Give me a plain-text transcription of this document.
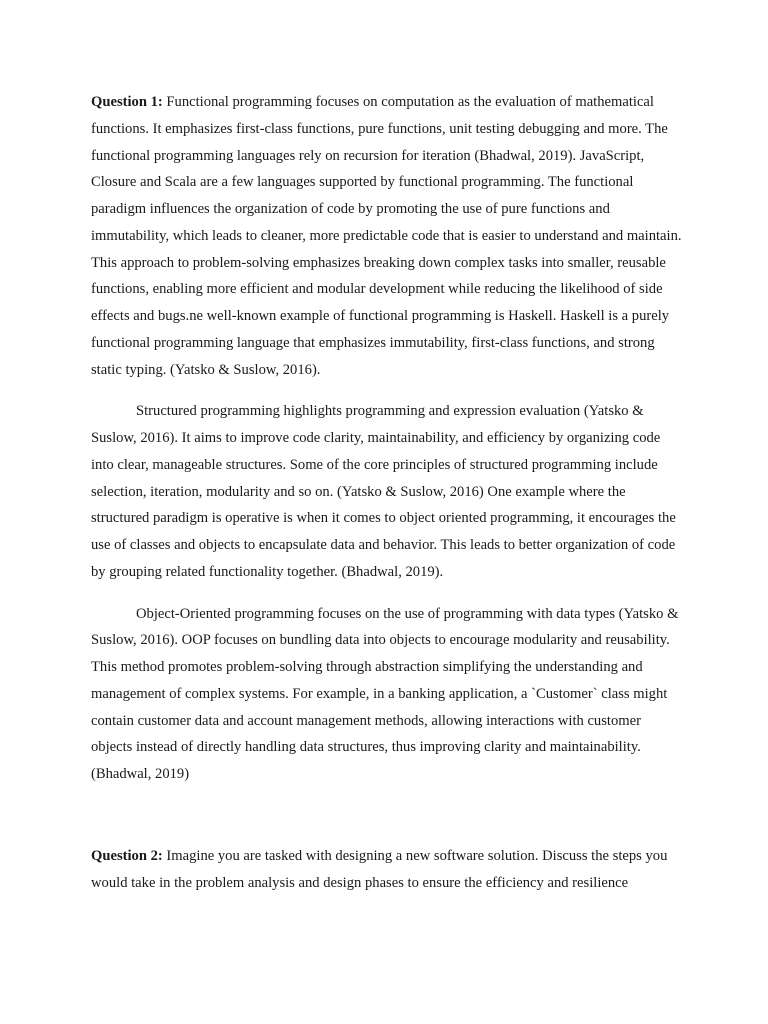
Question 1: Functional programming focuses on computation as the evaluation of mathematical functions. It emphasizes first-class functions, pure functions, unit testing debugging and more. The functional programming languages rely on recursion for iteration (Bhadwal, 2019). JavaScript, Closure and Scala are a few languages supported by functional programming. The functional paradigm influences the organization of code by promoting the use of pure functions and immutability, which leads to cleaner, more predictable code that is easier to understand and maintain. This approach to problem-solving emphasizes breaking down complex tasks into smaller, reusable functions, enabling more efficient and modular development while reducing the likelihood of side effects and bugs.ne well-known example of functional programming is Haskell. Haskell is a purely functional programming language that emphasizes immutability, first-class functions, and strong static typing. (Yatsko & Suslow, 2016).

Structured programming highlights programming and expression evaluation (Yatsko & Suslow, 2016). It aims to improve code clarity, maintainability, and efficiency by organizing code into clear, manageable structures. Some of the core principles of structured programming include selection, iteration, modularity and so on. (Yatsko & Suslow, 2016) One example where the structured paradigm is operative is when it comes to object oriented programming, it encourages the use of classes and objects to encapsulate data and behavior. This leads to better organization of code by grouping related functionality together. (Bhadwal, 2019).

Object-Oriented programming focuses on the use of programming with data types (Yatsko & Suslow, 2016). OOP focuses on bundling data into objects to encourage modularity and reusability. This method promotes problem-solving through abstraction simplifying the understanding and management of complex systems. For example, in a banking application, a `Customer` class might contain customer data and account management methods, allowing interactions with customer objects instead of directly handling data structures, thus improving clarity and maintainability. (Bhadwal, 2019)

Question 2: Imagine you are tasked with designing a new software solution. Discuss the steps you would take in the problem analysis and design phases to ensure the efficiency and resilience
